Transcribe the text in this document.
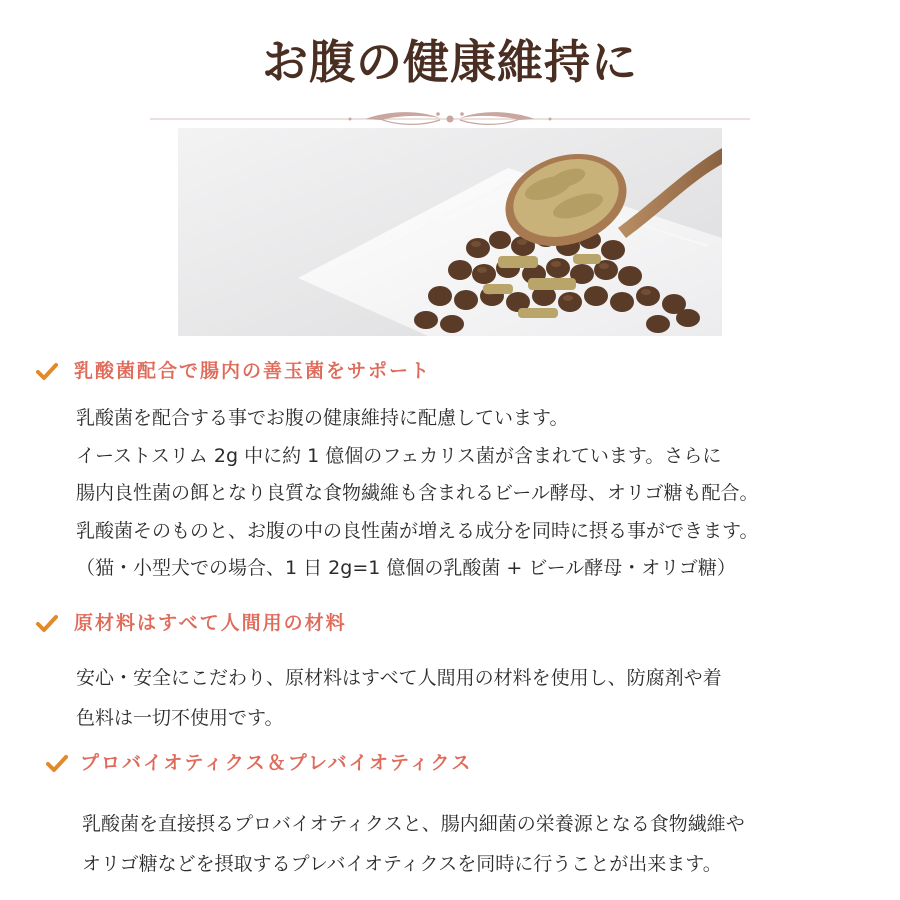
お腹の健康維持に
乳酸菌配合で腸内の善玉菌をサポート
乳酸菌を配合する事でお腹の健康維持に配慮しています。
イーストスリム 2g 中に約 1 億個のフェカリス菌が含まれています。さらに
腸内良性菌の餌となり良質な食物繊維も含まれるビール酵母、オリゴ糖も配合。
乳酸菌そのものと、お腹の中の良性菌が増える成分を同時に摂る事ができます。
（猫・小型犬での場合、1 日 2g=1 億個の乳酸菌 + ビール酵母・オリゴ糖）
原材料はすべて人間用の材料
安心・安全にこだわり、原材料はすべて人間用の材料を使用し、防腐剤や着
色料は一切不使用です。
プロバイオティクス＆プレバイオティクス
乳酸菌を直接摂るプロバイオティクスと、腸内細菌の栄養源となる食物繊維や
オリゴ糖などを摂取するプレバイオティクスを同時に行うことが出来ます。
